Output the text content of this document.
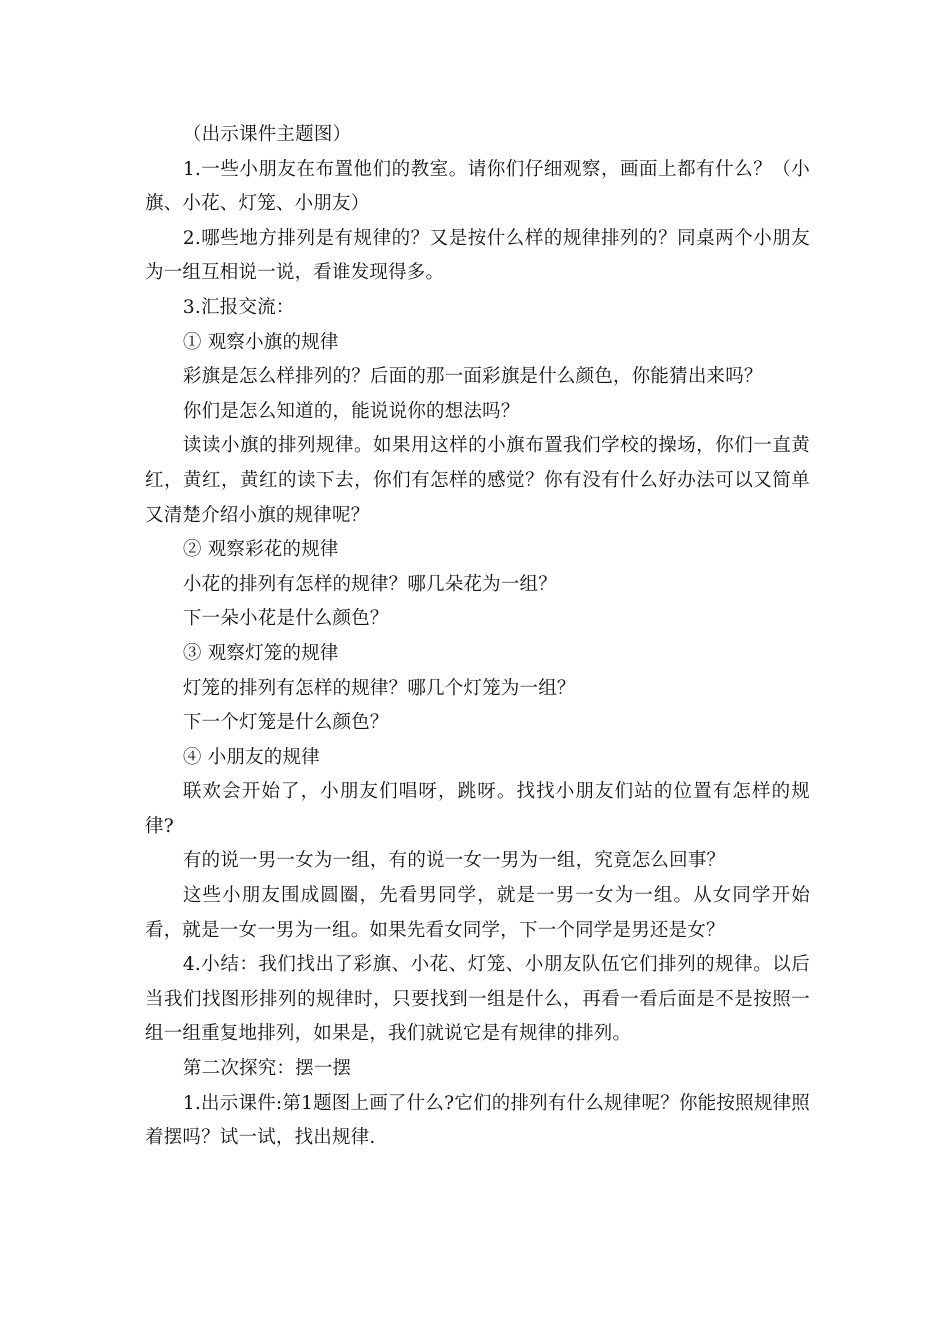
（出示课件主题图）

1.一些小朋友在布置他们的教室。请你们仔细观察，画面上都有什么？（小旗、小花、灯笼、小朋友）

2.哪些地方排列是有规律的？又是按什么样的规律排列的？同桌两个小朋友为一组互相说一说，看谁发现得多。

3.汇报交流：

① 观察小旗的规律

彩旗是怎么样排列的？后面的那一面彩旗是什么颜色，你能猜出来吗？

你们是怎么知道的，能说说你的想法吗？

读读小旗的排列规律。如果用这样的小旗布置我们学校的操场，你们一直黄红，黄红，黄红的读下去，你们有怎样的感觉？你有没有什么好办法可以又简单又清楚介绍小旗的规律呢？

② 观察彩花的规律

小花的排列有怎样的规律？哪几朵花为一组？

下一朵小花是什么颜色？

③ 观察灯笼的规律

灯笼的排列有怎样的规律？哪几个灯笼为一组？

下一个灯笼是什么颜色？

④ 小朋友的规律

联欢会开始了，小朋友们唱呀，跳呀。找找小朋友们站的位置有怎样的规律?

有的说一男一女为一组，有的说一女一男为一组，究竟怎么回事？

这些小朋友围成圆圈，先看男同学，就是一男一女为一组。从女同学开始看，就是一女一男为一组。如果先看女同学，下一个同学是男还是女？

4.小结：我们找出了彩旗、小花、灯笼、小朋友队伍它们排列的规律。以后当我们找图形排列的规律时，只要找到一组是什么，再看一看后面是不是按照一组一组重复地排列，如果是，我们就说它是有规律的排列。

第二次探究：摆一摆

1.出示课件:第1题图上画了什么?它们的排列有什么规律呢？你能按照规律照着摆吗？试一试，找出规律.
